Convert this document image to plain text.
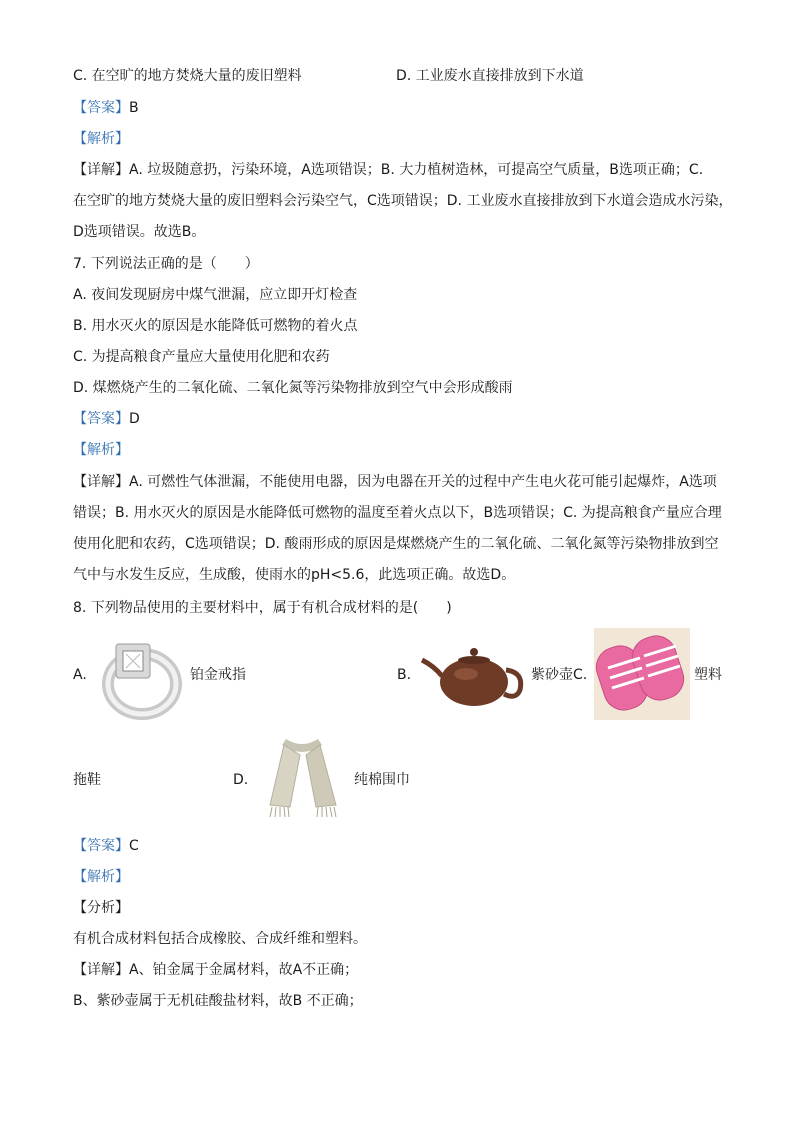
C. 在空旷的地方焚烧大量的废旧塑料	D. 工业废水直接排放到下水道
【答案】B
【解析】
【详解】A. 垃圾随意扔，污染环境，A选项错误；B. 大力植树造林，可提高空气质量，B选项正确；C.
在空旷的地方焚烧大量的废旧塑料会污染空气，C选项错误；D. 工业废水直接排放到下水道会造成水污染，
D选项错误。故选B。
7. 下列说法正确的是（　　）
A. 夜间发现厨房中煤气泄漏，应立即开灯检查
B. 用水灭火的原因是水能降低可燃物的着火点
C. 为提高粮食产量应大量使用化肥和农药
D. 煤燃烧产生的二氧化硫、二氧化氮等污染物排放到空气中会形成酸雨
【答案】D
【解析】
【详解】A. 可燃性气体泄漏，不能使用电器，因为电器在开关的过程中产生电火花可能引起爆炸，A选项
错误；B. 用水灭火的原因是水能降低可燃物的温度至着火点以下，B选项错误；C. 为提高粮食产量应合理
使用化肥和农药，C选项错误；D. 酸雨形成的原因是煤燃烧产生的二氧化硫、二氧化氮等污染物排放到空
气中与水发生反应，生成酸，使雨水的pH<5.6，此选项正确。故选D。
8. 下列物品使用的主要材料中，属于有机合成材料的是(　　)
A.	铂金戒指	B.	紫砂壶C.	塑料
拖鞋	D.	纯棉围巾
【答案】C
【解析】
【分析】
有机合成材料包括合成橡胶、合成纤维和塑料。
【详解】A、铂金属于金属材料，故A不正确；
B、紫砂壶属于无机硅酸盐材料，故B 不正确；
